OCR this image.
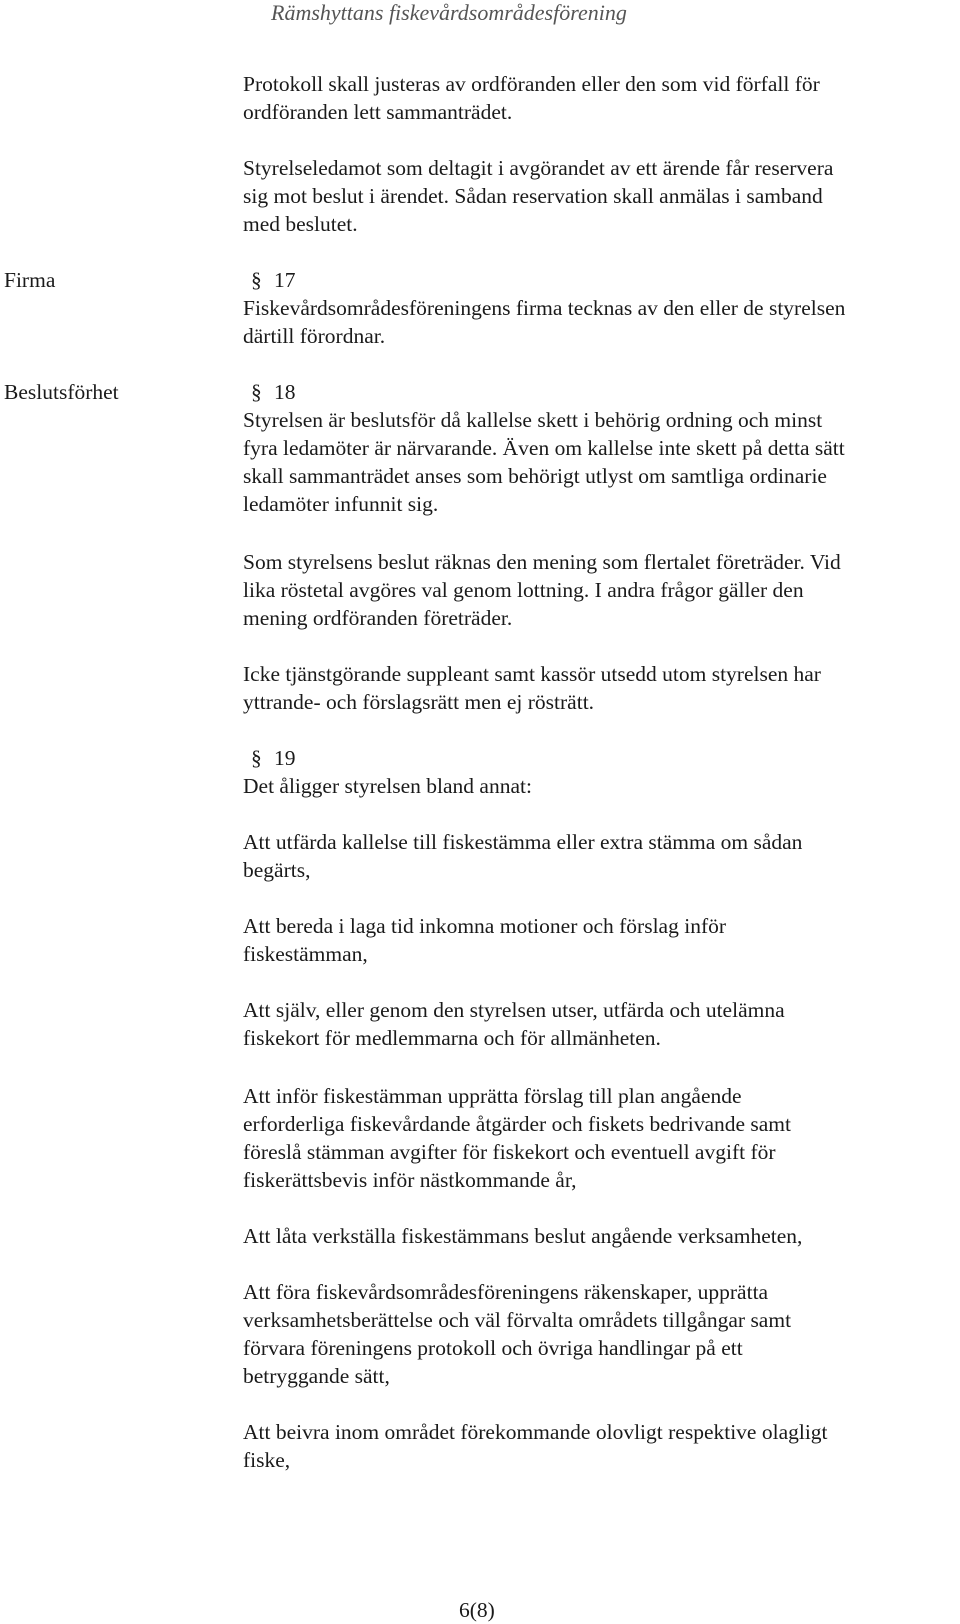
Rämshyttans fiskevårdsområdesförening
Protokoll skall justeras av ordföranden eller den som vid förfall för
ordföranden lett sammanträdet.
Styrelseledamot som deltagit i avgörandet av ett ärende får reservera
sig mot beslut i ärendet. Sådan reservation skall anmälas i samband
med beslutet.
Firma	§ 17
Fiskevårdsområdesföreningens firma tecknas av den eller de styrelsen
därtill förordnar.
Beslutsförhet	§ 18
Styrelsen är beslutsför då kallelse skett i behörig ordning och minst
fyra ledamöter är närvarande. Även om kallelse inte skett på detta sätt
skall sammanträdet anses som behörigt utlyst om samtliga ordinarie
ledamöter infunnit sig.
Som styrelsens beslut räknas den mening som flertalet företräder. Vid
lika röstetal avgöres val genom lottning. I andra frågor gäller den
mening ordföranden företräder.
Icke tjänstgörande suppleant samt kassör utsedd utom styrelsen har
yttrande- och förslagsrätt men ej rösträtt.
§ 19
Det åligger styrelsen bland annat:
Att utfärda kallelse till fiskestämma eller extra stämma om sådan
begärts,
Att bereda i laga tid inkomna motioner och förslag inför
fiskestämman,
Att själv, eller genom den styrelsen utser, utfärda och utelämna
fiskekort för medlemmarna och för allmänheten.
Att inför fiskestämman upprätta förslag till plan angående
erforderliga fiskevårdande åtgärder och fiskets bedrivande samt
föreslå stämman avgifter för fiskekort och eventuell avgift för
fiskerättsbevis inför nästkommande år,
Att låta verkställa fiskestämmans beslut angående verksamheten,
Att föra fiskevårdsområdesföreningens räkenskaper, upprätta
verksamhetsberättelse och väl förvalta områdets tillgångar samt
förvara föreningens protokoll och övriga handlingar på ett
betryggande sätt,
Att beivra inom området förekommande olovligt respektive olagligt
fiske,
6(8)
